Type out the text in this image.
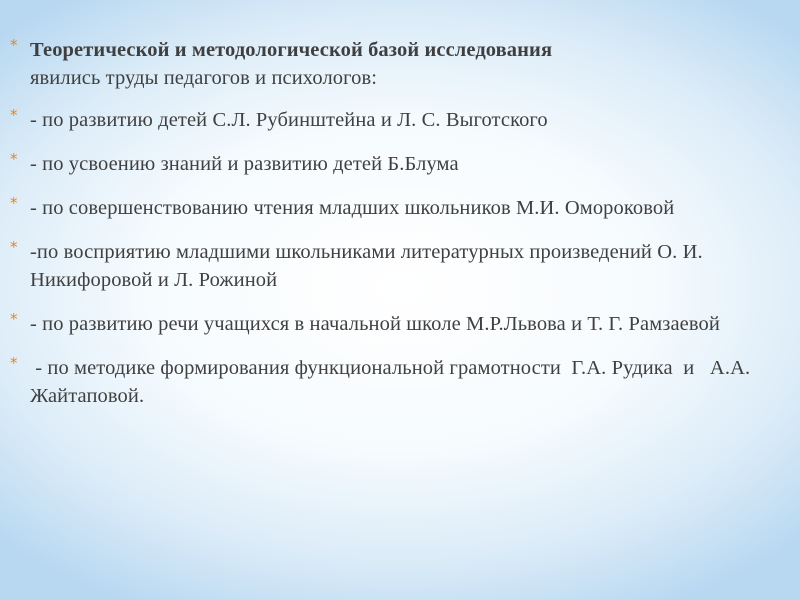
* Теоретической и методологической базой исследования
явились труды педагогов и психологов:
* - по развитию детей С.Л. Рубинштейна и Л. С. Выготского
* - по усвоению знаний и развитию детей Б.Блума
* - по совершенствованию чтения младших школьников М.И. Омороковой
* -по восприятию младшими школьниками литературных произведений О. И. Никифоровой и Л. Рожиной
* - по развитию речи учащихся в начальной школе М.Р.Львова и Т. Г. Рамзаевой
* - по методике формирования функциональной грамотности  Г.А. Рудика  и   А.А. Жайтаповой.
